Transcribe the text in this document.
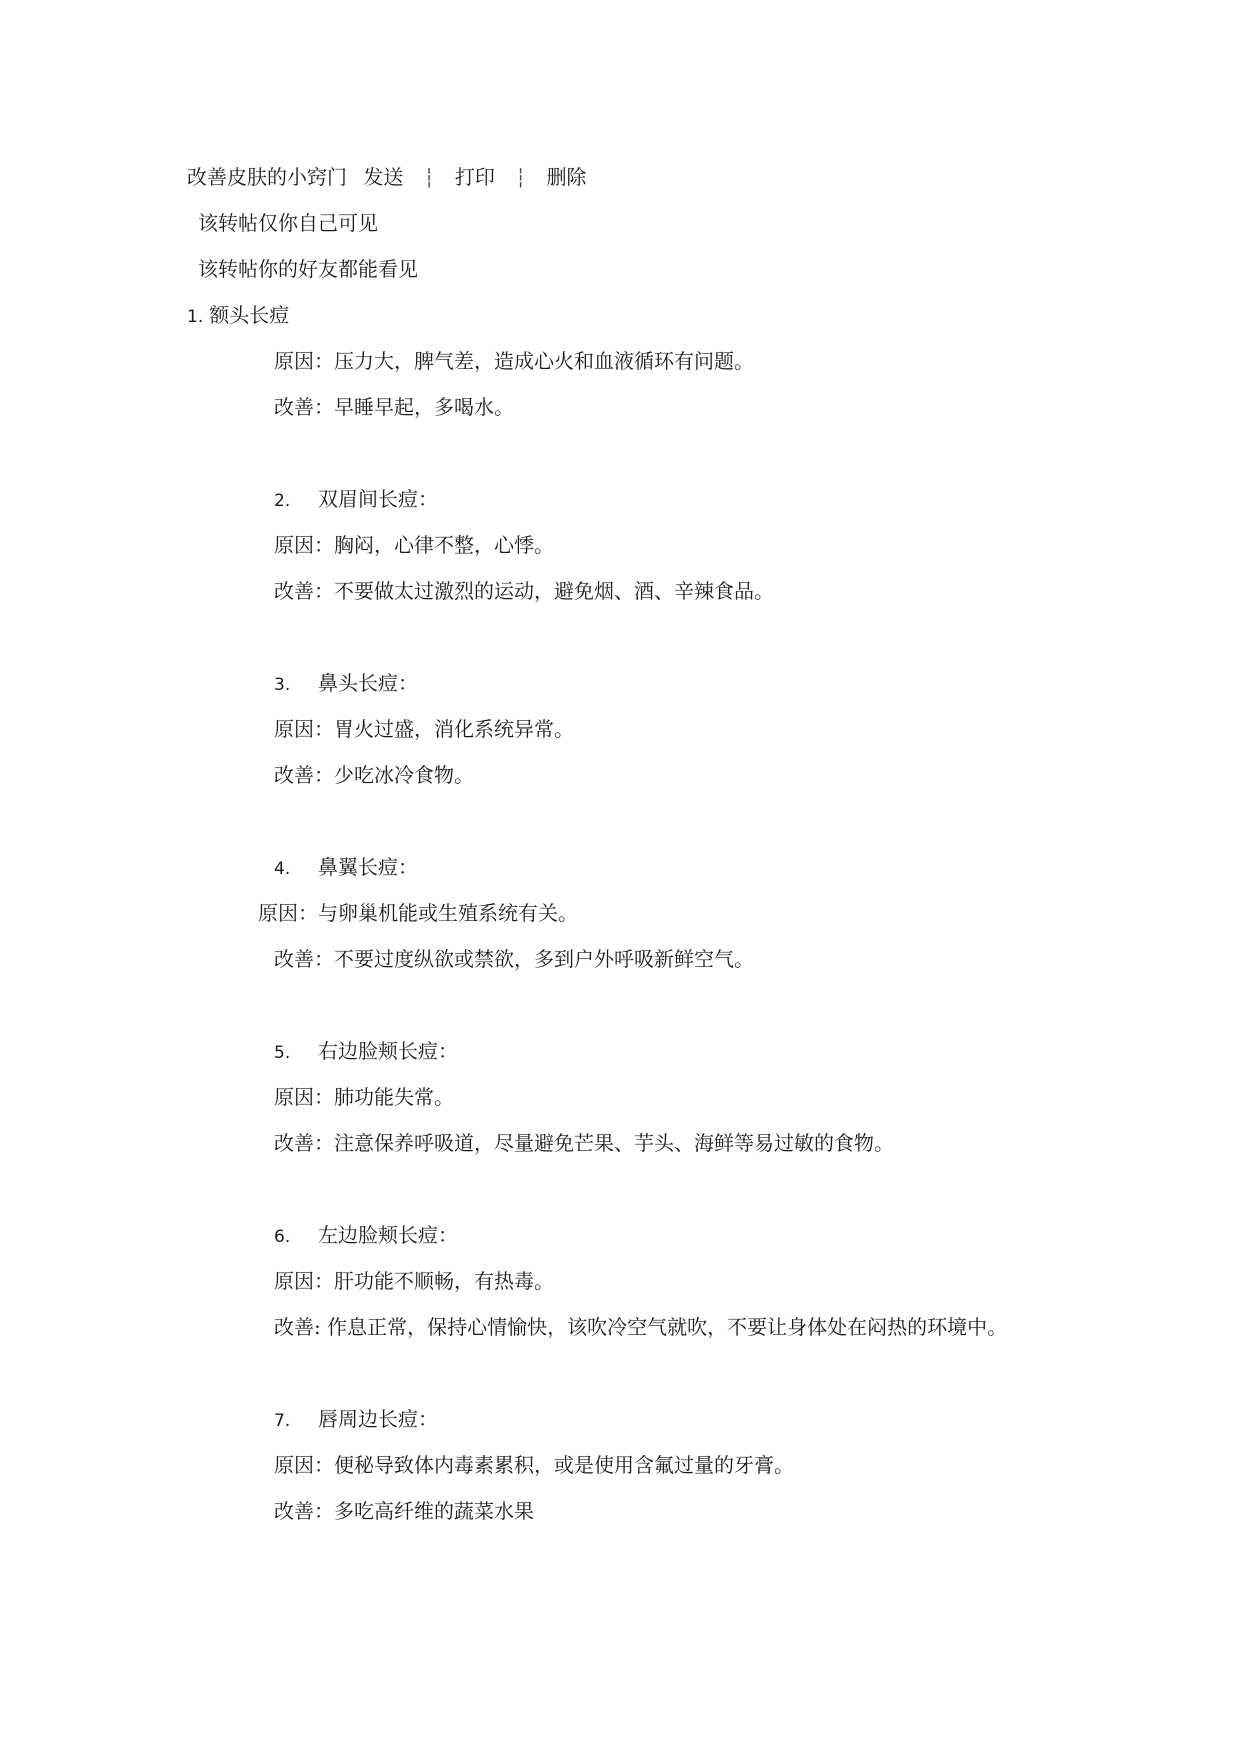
改善皮肤的小窍门 发送 ┆ 打印 ┆ 删除
该转帖仅你自己可见
该转帖你的好友都能看见
1. 额头长痘
原因：压力大，脾气差，造成心火和血液循环有问题。
改善：早睡早起，多喝水。
2. 双眉间长痘：
原因：胸闷，心律不整，心悸。
改善：不要做太过激烈的运动，避免烟、酒、辛辣食品。
3. 鼻头长痘：
原因：胃火过盛，消化系统异常。
改善：少吃冰冷食物。
4. 鼻翼长痘：
原因：与卵巢机能或生殖系统有关。
改善：不要过度纵欲或禁欲，多到户外呼吸新鲜空气。
5. 右边脸颊长痘：
原因：肺功能失常。
改善：注意保养呼吸道，尽量避免芒果、芋头、海鲜等易过敏的食物。
6. 左边脸颊长痘：
原因：肝功能不顺畅，有热毒。
改善: 作息正常，保持心情愉快，该吹冷空气就吹，不要让身体处在闷热的环境中。
7. 唇周边长痘：
原因：便秘导致体内毒素累积，或是使用含氟过量的牙膏。
改善：多吃高纤维的蔬菜水果
